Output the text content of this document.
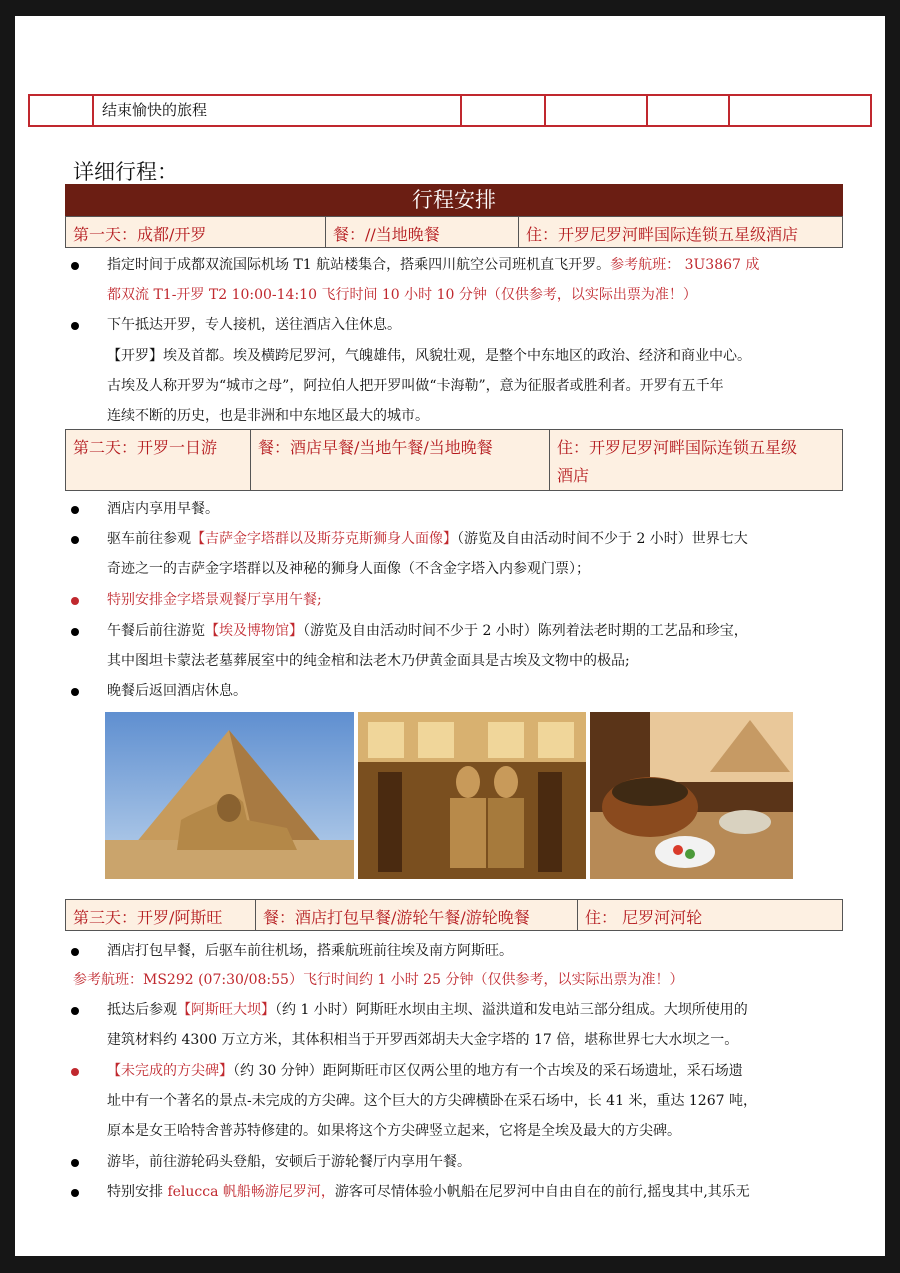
结束愉快的旅程
详细行程：
行程安排
第一天：成都/开罗	餐：//当地晚餐	住：开罗尼罗河畔国际连锁五星级酒店
指定时间于成都双流国际机场 T1 航站楼集合，搭乘四川航空公司班机直飞开罗。参考航班： 3U3867 成
都双流 T1-开罗 T2 10:00-14:10 飞行时间 10 小时 10 分钟（仅供参考，以实际出票为准！）
下午抵达开罗，专人接机，送往酒店入住休息。
【开罗】埃及首都。埃及横跨尼罗河，气魄雄伟，风貌壮观，是整个中东地区的政治、经济和商业中心。
古埃及人称开罗为“城市之母”，阿拉伯人把开罗叫做“卡海勒”，意为征服者或胜利者。开罗有五千年
连续不断的历史，也是非洲和中东地区最大的城市。
第二天：开罗一日游	餐：酒店早餐/当地午餐/当地晚餐	住：开罗尼罗河畔国际连锁五星级
酒店
酒店内享用早餐。
驱车前往参观【吉萨金字塔群以及斯芬克斯狮身人面像】（游览及自由活动时间不少于 2 小时）世界七大
奇迹之一的吉萨金字塔群以及神秘的狮身人面像（不含金字塔入内参观门票）；
特别安排金字塔景观餐厅享用午餐;
午餐后前往游览【埃及博物馆】（游览及自由活动时间不少于 2 小时）陈列着法老时期的工艺品和珍宝，
其中图坦卡蒙法老墓葬展室中的纯金棺和法老木乃伊黄金面具是古埃及文物中的极品;
晚餐后返回酒店休息。
第三天：开罗/阿斯旺	餐：酒店打包早餐/游轮午餐/游轮晚餐	住： 尼罗河河轮
酒店打包早餐，后驱车前往机场，搭乘航班前往埃及南方阿斯旺。
参考航班：MS292 (07:30/08:55）飞行时间约 1 小时 25 分钟（仅供参考，以实际出票为准！）
抵达后参观【阿斯旺大坝】（约 1 小时）阿斯旺水坝由主坝、溢洪道和发电站三部分组成。大坝所使用的
建筑材料约 4300 万立方米，其体积相当于开罗西郊胡夫大金字塔的 17 倍，堪称世界七大水坝之一。
【未完成的方尖碑】（约 30 分钟）距阿斯旺市区仅两公里的地方有一个古埃及的采石场遗址，采石场遗
址中有一个著名的景点-未完成的方尖碑。这个巨大的方尖碑横卧在采石场中，长 41 米，重达 1267 吨，
原本是女王哈特舍普苏特修建的。如果将这个方尖碑竖立起来，它将是全埃及最大的方尖碑。
游毕，前往游轮码头登船，安顿后于游轮餐厅内享用午餐。
特别安排 felucca 帆船畅游尼罗河，游客可尽情体验小帆船在尼罗河中自由自在的前行,摇曳其中,其乐无
